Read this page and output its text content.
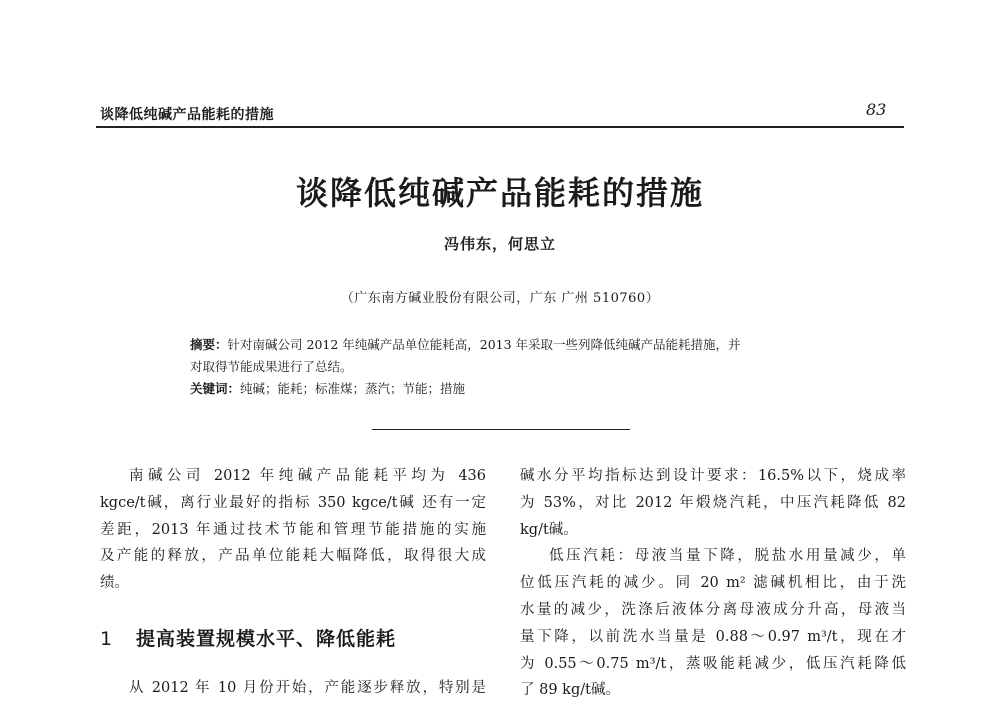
谈降低纯碱产品能耗的措施	83
谈降低纯碱产品能耗的措施
冯伟东，何思立
（广东南方碱业股份有限公司，广东 广州 510760）
摘要：针对南碱公司 2012 年纯碱产品单位能耗高，2013 年采取一些列降低纯碱产品能耗措施，并
对取得节能成果进行了总结。
关键词：纯碱；能耗；标准煤；蒸汽；节能；措施
南碱公司 2012 年纯碱产品能耗平均为 436
kgce/t碱，离行业最好的指标 350 kgce/t碱 还有一定
差距，2013 年通过技术节能和管理节能措施的实施
及产能的释放，产品单位能耗大幅降低，取得很大成
绩。
1 提高装置规模水平、降低能耗
从 2012 年 10 月份开始，产能逐步释放，特别是
碱水分平均指标达到设计要求：16.5%以下，烧成率
为 53%，对比 2012 年煅烧汽耗，中压汽耗降低 82
kg/t碱。
低压汽耗：母液当量下降，脱盐水用量减少，单
位低压汽耗的减少。同 20 m² 滤碱机相比，由于洗
水量的减少，洗涤后液体分离母液成分升高，母液当
量下降，以前洗水当量是 0.88～0.97 m³/t，现在才
为 0.55～0.75 m³/t，蒸吸能耗减少，低压汽耗降低
了 89 kg/t碱。
